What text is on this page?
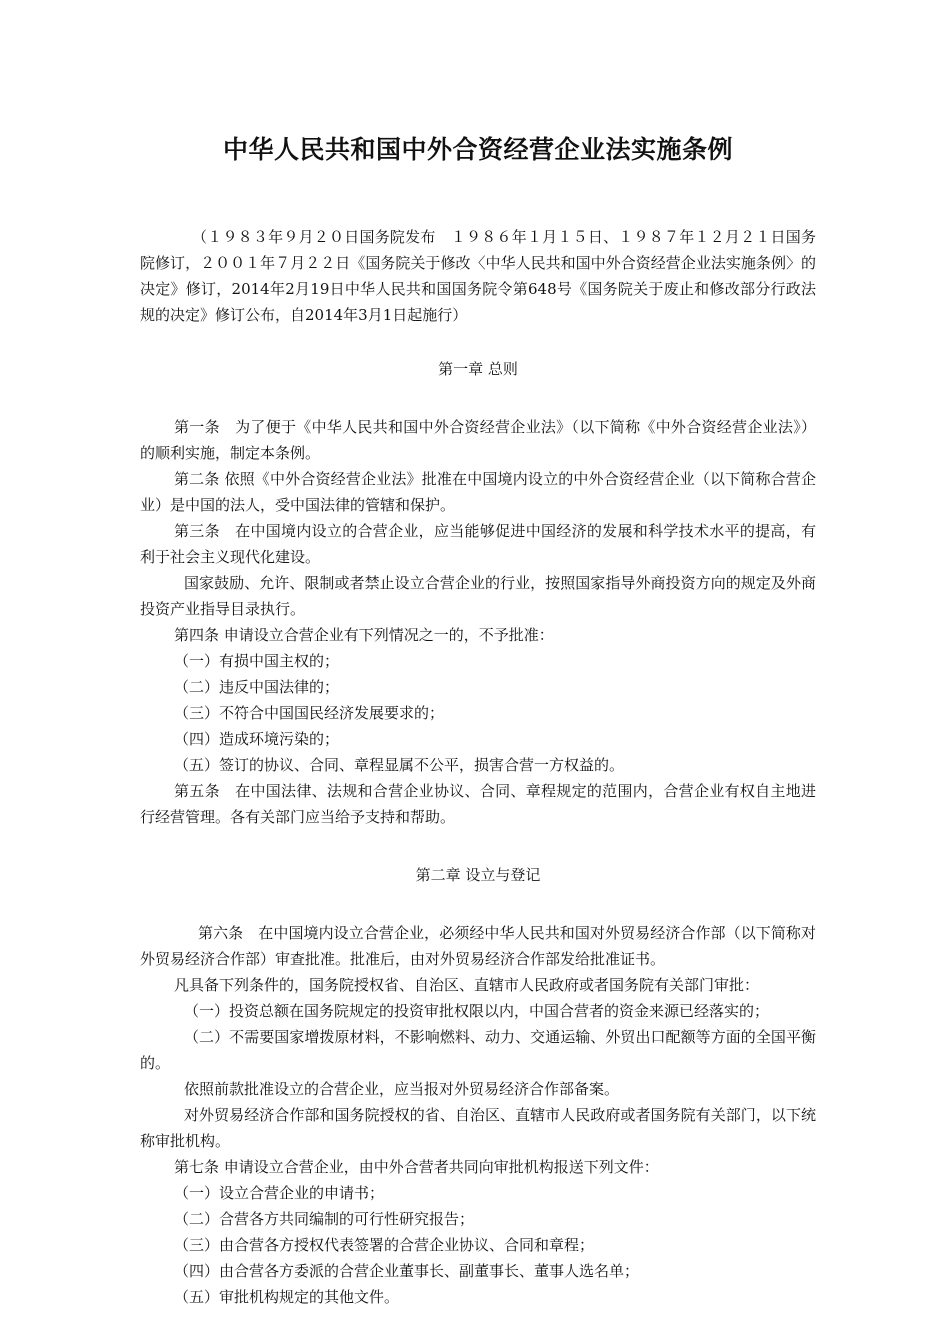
中华人民共和国中外合资经营企业法实施条例

（１９８３年９月２０日国务院发布　１９８６年１月１５日、１９８７年１２月２１日国务院修订，２００１年７月２２日《国务院关于修改〈中华人民共和国中外合资经营企业法实施条例〉的决定》修订，2014年2月19日中华人民共和国国务院令第648号《国务院关于废止和修改部分行政法规的决定》修订公布，自2014年3月1日起施行）

第一章 总则

第一条　为了便于《中华人民共和国中外合资经营企业法》（以下简称《中外合资经营企业法》）的顺利实施，制定本条例。

第二条 依照《中外合资经营企业法》批准在中国境内设立的中外合资经营企业（以下简称合营企业）是中国的法人，受中国法律的管辖和保护。

第三条　在中国境内设立的合营企业，应当能够促进中国经济的发展和科学技术水平的提高，有利于社会主义现代化建设。

国家鼓励、允许、限制或者禁止设立合营企业的行业，按照国家指导外商投资方向的规定及外商投资产业指导目录执行。

第四条 申请设立合营企业有下列情况之一的，不予批准：

（一）有损中国主权的；

（二）违反中国法律的；

（三）不符合中国国民经济发展要求的；

（四）造成环境污染的；

（五）签订的协议、合同、章程显属不公平，损害合营一方权益的。

第五条　在中国法律、法规和合营企业协议、合同、章程规定的范围内，合营企业有权自主地进行经营管理。各有关部门应当给予支持和帮助。

第二章 设立与登记

第六条　在中国境内设立合营企业，必须经中华人民共和国对外贸易经济合作部（以下简称对外贸易经济合作部）审查批准。批准后，由对外贸易经济合作部发给批准证书。

凡具备下列条件的，国务院授权省、自治区、直辖市人民政府或者国务院有关部门审批：

（一）投资总额在国务院规定的投资审批权限以内，中国合营者的资金来源已经落实的；

（二）不需要国家增拨原材料，不影响燃料、动力、交通运输、外贸出口配额等方面的全国平衡的。

依照前款批准设立的合营企业，应当报对外贸易经济合作部备案。

对外贸易经济合作部和国务院授权的省、自治区、直辖市人民政府或者国务院有关部门，以下统称审批机构。

第七条 申请设立合营企业，由中外合营者共同向审批机构报送下列文件：

（一）设立合营企业的申请书；

（二）合营各方共同编制的可行性研究报告；

（三）由合营各方授权代表签署的合营企业协议、合同和章程；

（四）由合营各方委派的合营企业董事长、副董事长、董事人选名单；

（五）审批机构规定的其他文件。
